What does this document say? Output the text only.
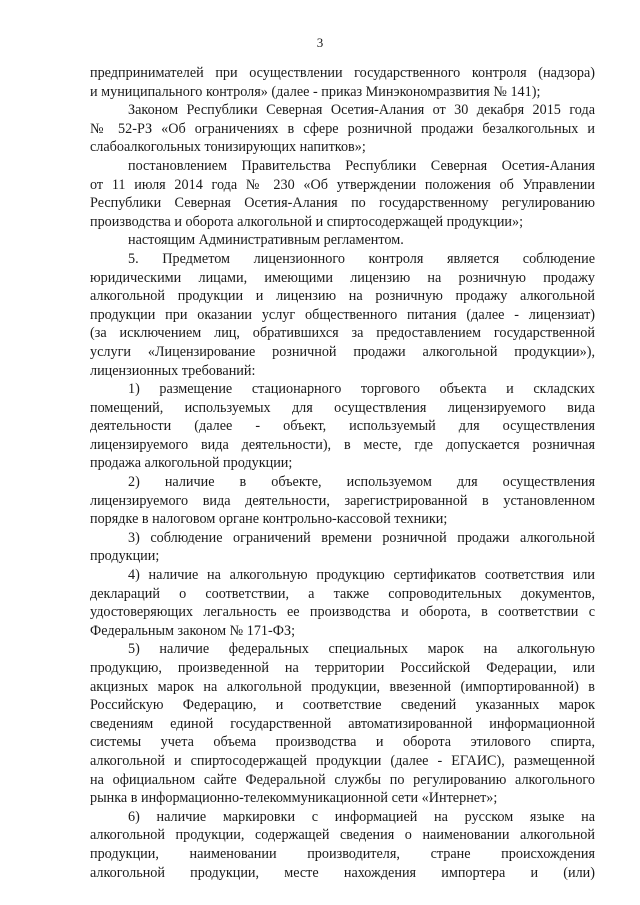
3
предпринимателей при осуществлении государственного контроля (надзора)
и муниципального контроля» (далее - приказ Минэкономразвития № 141);
Законом Республики Северная Осетия-Алания от 30 декабря 2015 года
№ 52-РЗ «Об ограничениях в сфере розничной продажи безалкогольных и
слабоалкогольных тонизирующих напитков»;
постановлением Правительства Республики Северная Осетия-Алания
от 11 июля 2014 года № 230 «Об утверждении положения об Управлении
Республики Северная Осетия-Алания по государственному регулированию
производства и оборота алкогольной и спиртосодержащей продукции»;
настоящим Административным регламентом.
5. Предметом лицензионного контроля является соблюдение
юридическими лицами, имеющими лицензию на розничную продажу
алкогольной продукции и лицензию на розничную продажу алкогольной
продукции при оказании услуг общественного питания (далее - лицензиат)
(за исключением лиц, обратившихся за предоставлением государственной
услуги «Лицензирование розничной продажи алкогольной продукции»),
лицензионных требований:
1) размещение стационарного торгового объекта и складских
помещений, используемых для осуществления лицензируемого вида
деятельности (далее - объект, используемый для осуществления
лицензируемого вида деятельности), в месте, где допускается розничная
продажа алкогольной продукции;
2) наличие в объекте, используемом для осуществления
лицензируемого вида деятельности, зарегистрированной в установленном
порядке в налоговом органе контрольно-кассовой техники;
3) соблюдение ограничений времени розничной продажи алкогольной
продукции;
4) наличие на алкогольную продукцию сертификатов соответствия или
деклараций о соответствии, а также сопроводительных документов,
удостоверяющих легальность ее производства и оборота, в соответствии с
Федеральным законом № 171-ФЗ;
5) наличие федеральных специальных марок на алкогольную
продукцию, произведенной на территории Российской Федерации, или
акцизных марок на алкогольной продукции, ввезенной (импортированной) в
Российскую Федерацию, и соответствие сведений указанных марок
сведениям единой государственной автоматизированной информационной
системы учета объема производства и оборота этилового спирта,
алкогольной и спиртосодержащей продукции (далее - ЕГАИС), размещенной
на официальном сайте Федеральной службы по регулированию алкогольного
рынка в информационно-телекоммуникационной сети «Интернет»;
6) наличие маркировки с информацией на русском языке на
алкогольной продукции, содержащей сведения о наименовании алкогольной
продукции, наименовании производителя, стране происхождения
алкогольной продукции, месте нахождения импортера и (или)
